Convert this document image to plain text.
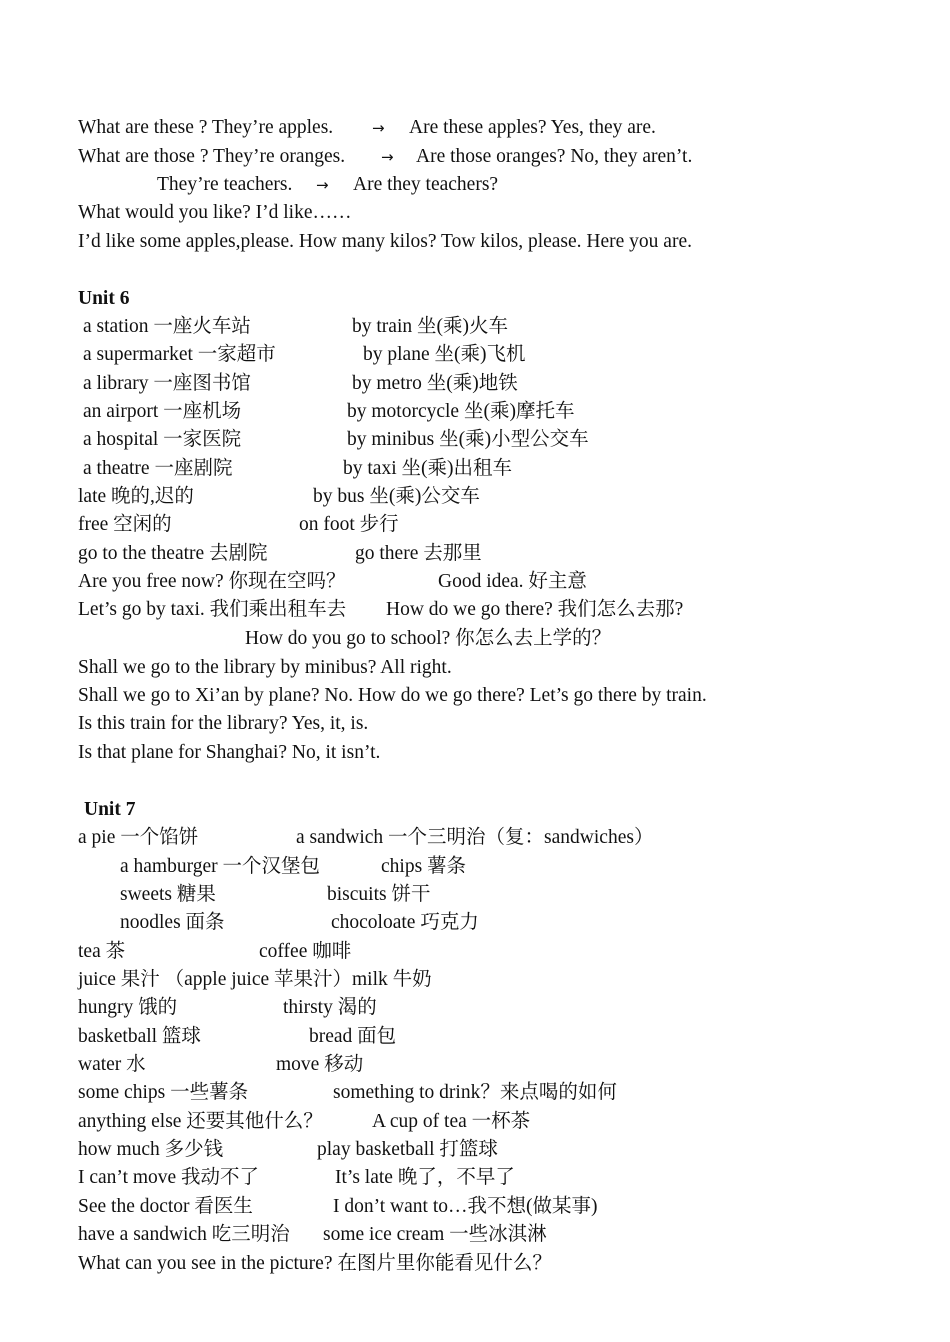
What are these ? They’re apples.	→ Are these apples? Yes, they are.
What are those ? They’re oranges. → Are those oranges? No, they aren’t.
They’re teachers. → Are they teachers?
What would you like? I’d like……
I’d like some apples,please. How many kilos? Tow kilos, please. Here you are.
Unit 6
a station 一座火车站	by train 坐(乘)火车
a supermarket 一家超市	by plane 坐(乘)飞机
a library 一座图书馆	by metro 坐(乘)地铁
an airport 一座机场	by motorcycle 坐(乘)摩托车
a hospital 一家医院	by minibus 坐(乘)小型公交车
a theatre 一座剧院	by taxi 坐(乘)出租车
late 晚的,迟的	by bus 坐(乘)公交车
free 空闲的	on foot 步行
go to the theatre 去剧院	go there 去那里
Are you free now? 你现在空吗？	Good idea. 好主意
Let’s go by taxi. 我们乘出租车去 How do we go there? 我们怎么去那?
How do you go to school? 你怎么去上学的？
Shall we go to the library by minibus? All right.
Shall we go to Xi’an by plane? No. How do we go there? Let’s go there by train.
Is this train for the library? Yes, it, is.
Is that plane for Shanghai? No, it isn’t.
Unit 7
a pie 一个馅饼	a sandwich 一个三明治（复：sandwiches）
a hamburger 一个汉堡包	chips 薯条
sweets 糖果	biscuits 饼干
noodles 面条	chocoloate 巧克力
tea 茶	coffee 咖啡
juice 果汁 （apple juice 苹果汁）milk 牛奶
hungry 饿的	thirsty 渴的
basketball 篮球	bread 面包
water 水	move 移动
some chips 一些薯条	something to drink？来点喝的如何
anything else 还要其他什么？	A cup of tea 一杯茶
how much 多少钱	play basketball 打篮球
I can’t move 我动不了	It’s late 晚了，不早了
See the doctor 看医生	I don’t want to…我不想(做某事)
have a sandwich 吃三明治 some ice cream 一些冰淇淋
What can you see in the picture? 在图片里你能看见什么？
